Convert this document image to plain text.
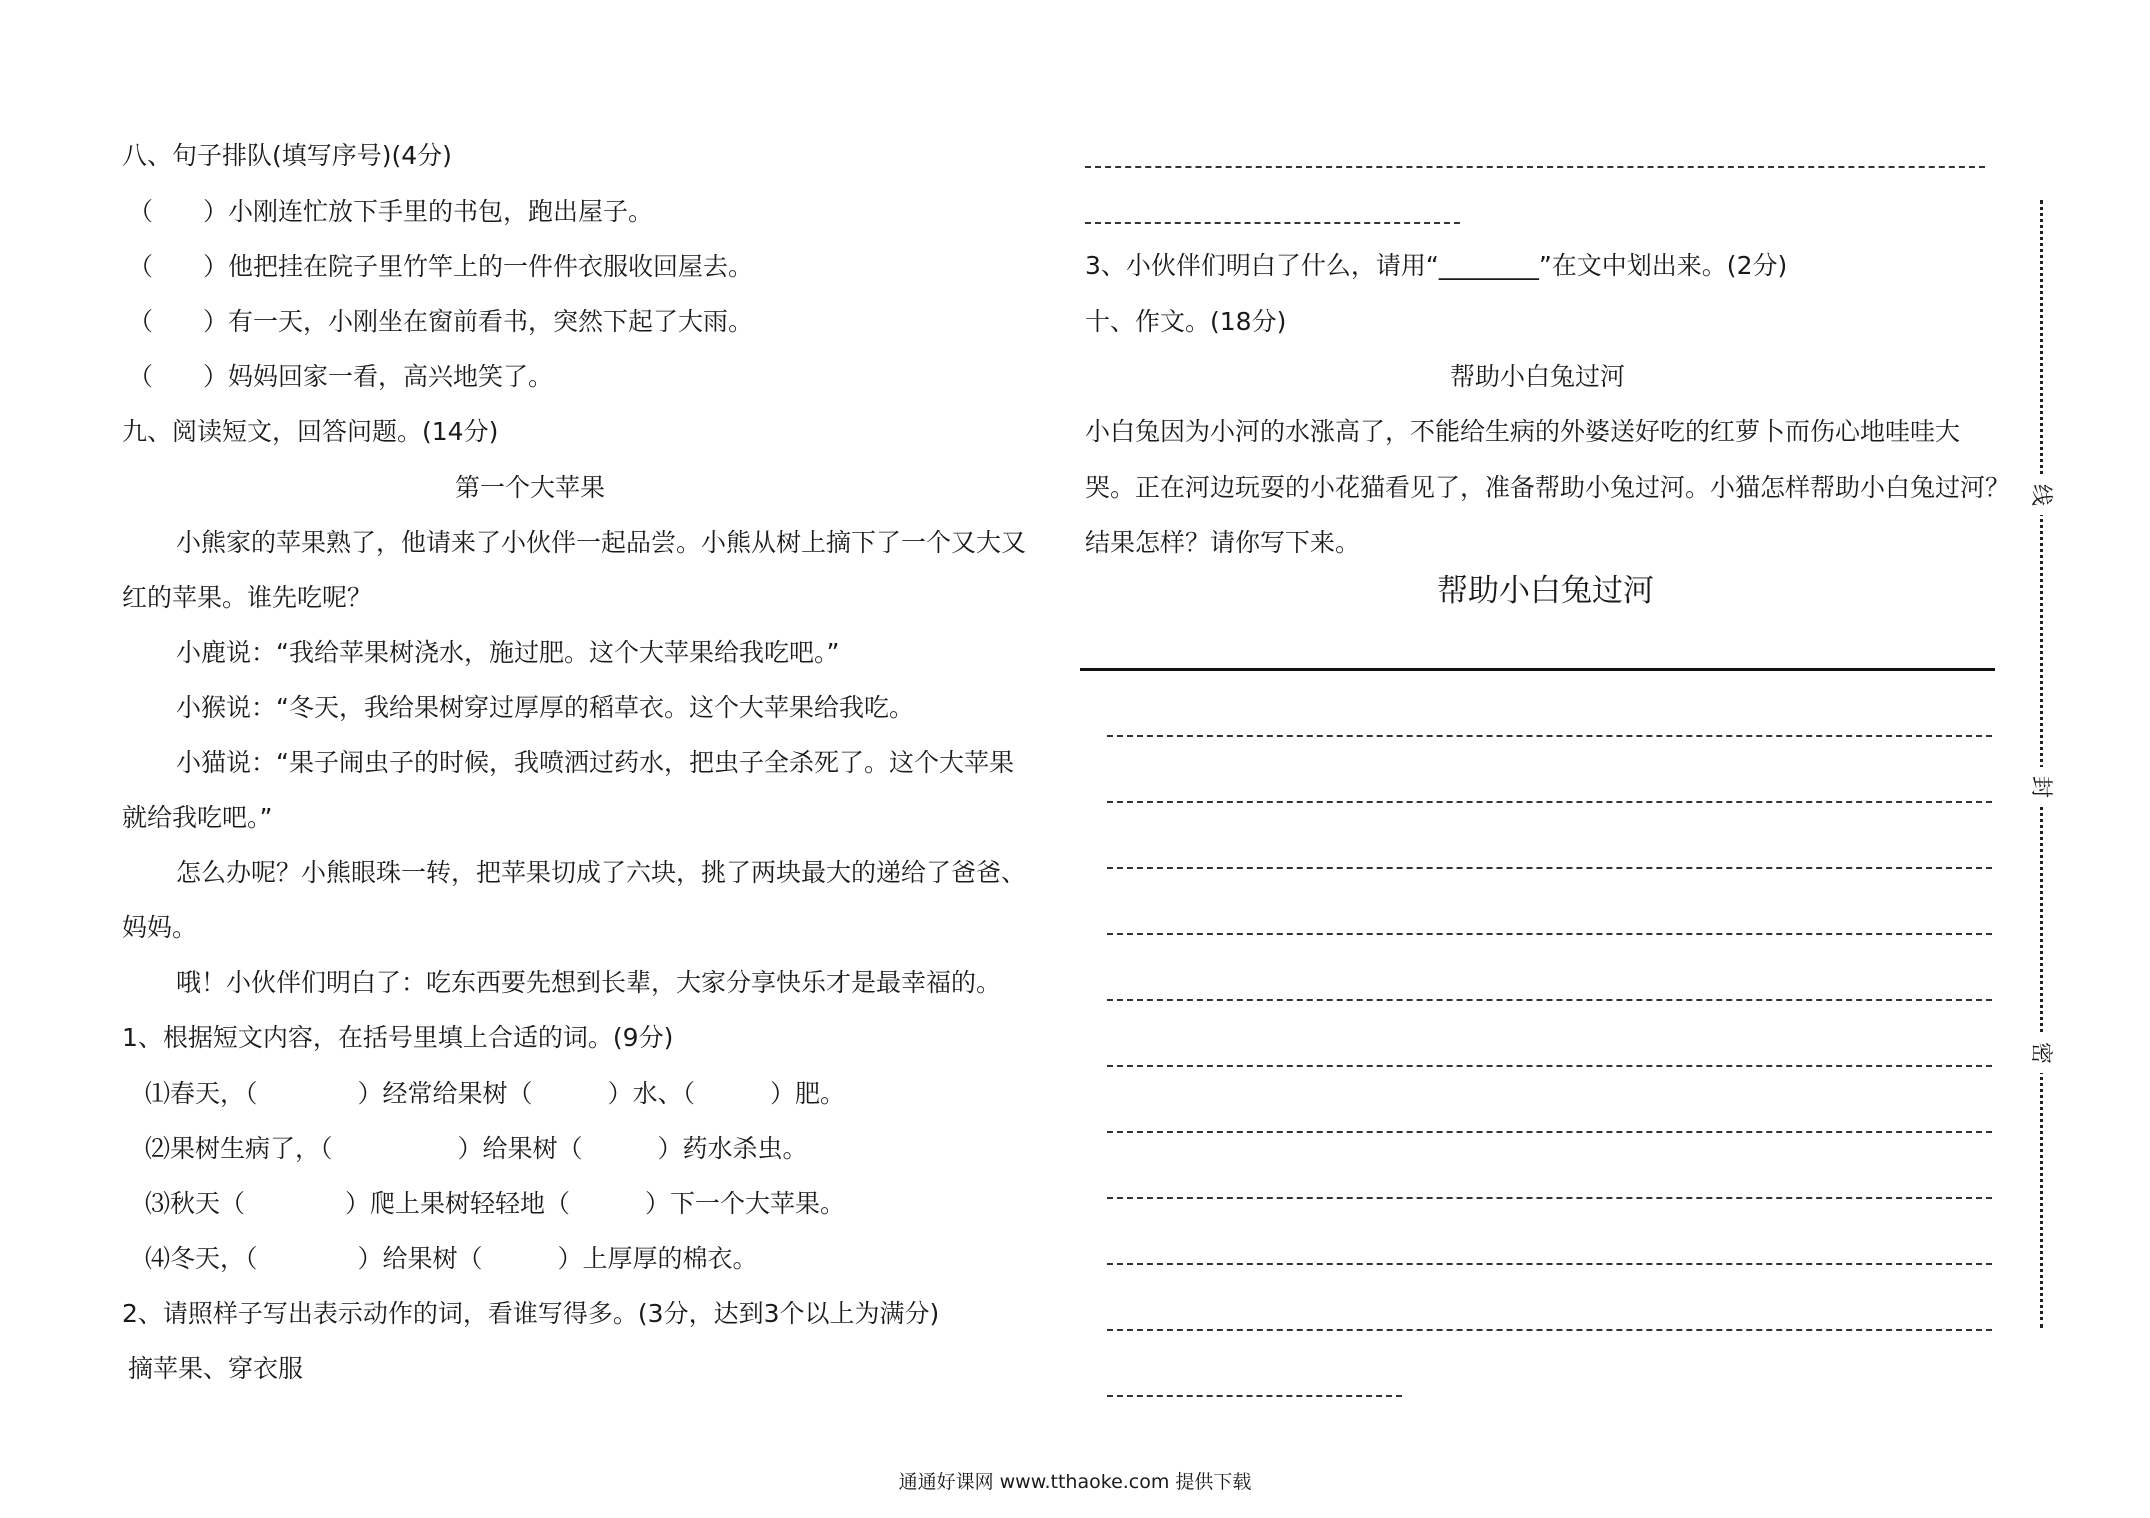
八、句子排队(填写序号)(4分)
（　　）小刚连忙放下手里的书包，跑出屋子。
（　　）他把挂在院子里竹竿上的一件件衣服收回屋去。
（　　）有一天，小刚坐在窗前看书，突然下起了大雨。
（　　）妈妈回家一看，高兴地笑了。
九、阅读短文，回答问题。(14分)
第一个大苹果
小熊家的苹果熟了，他请来了小伙伴一起品尝。小熊从树上摘下了一个又大又
红的苹果。谁先吃呢？
小鹿说：“我给苹果树浇水，施过肥。这个大苹果给我吃吧。”
小猴说：“冬天，我给果树穿过厚厚的稻草衣。这个大苹果给我吃。
小猫说：“果子闹虫子的时候，我喷洒过药水，把虫子全杀死了。这个大苹果
就给我吃吧。”
怎么办呢？小熊眼珠一转，把苹果切成了六块，挑了两块最大的递给了爸爸、
妈妈。
哦！小伙伴们明白了：吃东西要先想到长辈，大家分享快乐才是最幸福的。
1、根据短文内容，在括号里填上合适的词。(9分)
⑴春天，（　　　　）经常给果树（　　　）水、（　　　）肥。
⑵果树生病了，（　　　　　）给果树（　　　）药水杀虫。
⑶秋天（　　　　）爬上果树轻轻地（　　　）下一个大苹果。
⑷冬天，（　　　　）给果树（　　　）上厚厚的棉衣。
2、请照样子写出表示动作的词，看谁写得多。(3分，达到3个以上为满分)
摘苹果、穿衣服
3、小伙伴们明白了什么，请用“________”在文中划出来。(2分)
十、作文。(18分)
帮助小白兔过河
小白兔因为小河的水涨高了，不能给生病的外婆送好吃的红萝卜而伤心地哇哇大
哭。正在河边玩耍的小花猫看见了，准备帮助小兔过河。小猫怎样帮助小白兔过河？
结果怎样？请你写下来。
帮助小白兔过河
线
封
密
通通好课网 www.tthaoke.com 提供下载
